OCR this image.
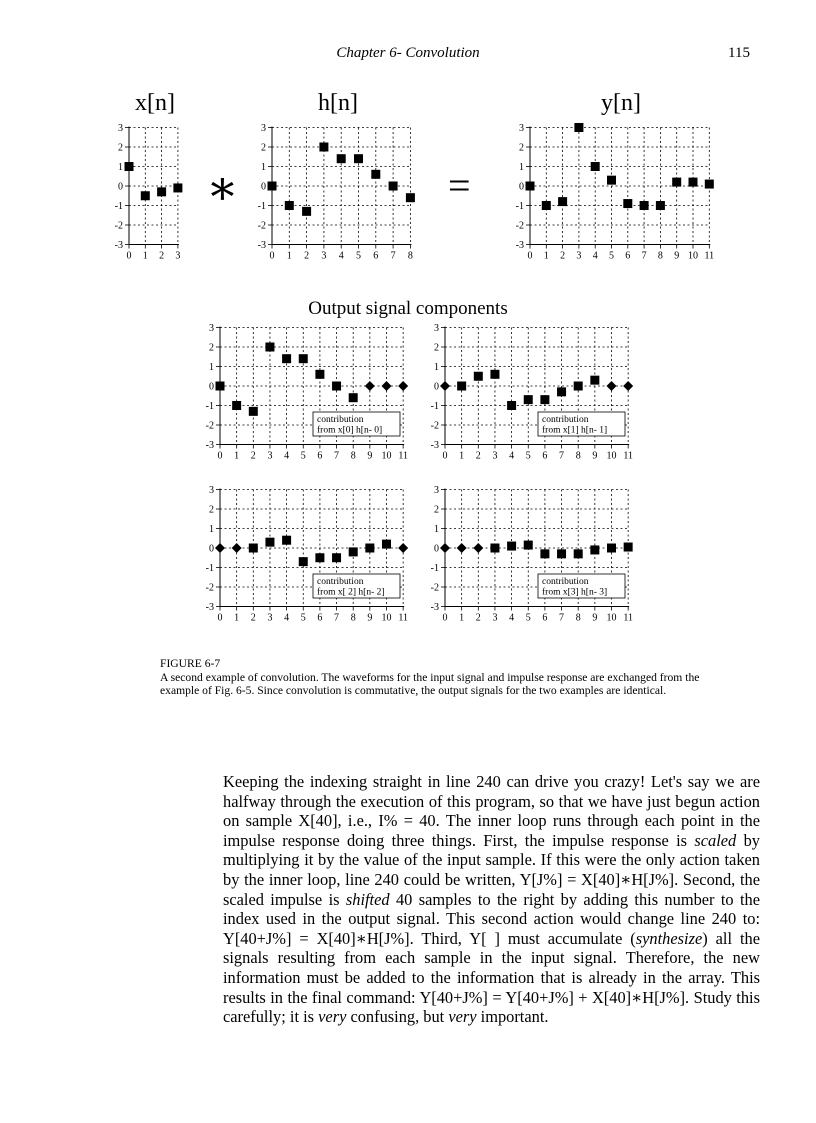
Chapter 6- Convolution	115
x[n]	h[n]	y[n]
∗	=
Output signal components
3
2
1
0
-1
-2
-3
0 1 2 3
3
2
1
0
-1
-2
-3
0 1 2 3 4 5 6 7 8
3
2
1
0
-1
-2
-3
0 1 2 3 4 5 6 7 8 9 10 11
3
2
1
0
-1
-2
-3
0 1 2 3 4 5 6 7 8 9 10 11
contribution
from x[0] h[n- 0]
3
2
1
0
-1
-2
-3
0 1 2 3 4 5 6 7 8 9 10 11
contribution
from x[1] h[n- 1]
3
2
1
0
-1
-2
-3
0 1 2 3 4 5 6 7 8 9 10 11
contribution
from x[ 2] h[n- 2]
3
2
1
0
-1
-2
-3
0 1 2 3 4 5 6 7 8 9 10 11
contribution
from x[3] h[n- 3]
FIGURE 6-7
A second example of convolution. The waveforms for the input signal and impulse response are exchanged from the example of Fig. 6-5. Since convolution is commutative, the output signals for the two examples are identical.

Keeping the indexing straight in line 240 can drive you crazy! Let's say we are halfway through the execution of this program, so that we have just begun action on sample X[40], i.e., I% = 40. The inner loop runs through each point in the impulse response doing three things. First, the impulse response is scaled by multiplying it by the value of the input sample. If this were the only action taken by the inner loop, line 240 could be written, Y[J%] = X[40]∗H[J%]. Second, the scaled impulse is shifted 40 samples to the right by adding this number to the index used in the output signal. This second action would change line 240 to: Y[40+J%] = X[40]∗H[J%]. Third, Y[ ] must accumulate (synthesize) all the signals resulting from each sample in the input signal. Therefore, the new information must be added to the information that is already in the array. This results in the final command: Y[40+J%] = Y[40+J%] + X[40]∗H[J%]. Study this carefully; it is very confusing, but very important.
